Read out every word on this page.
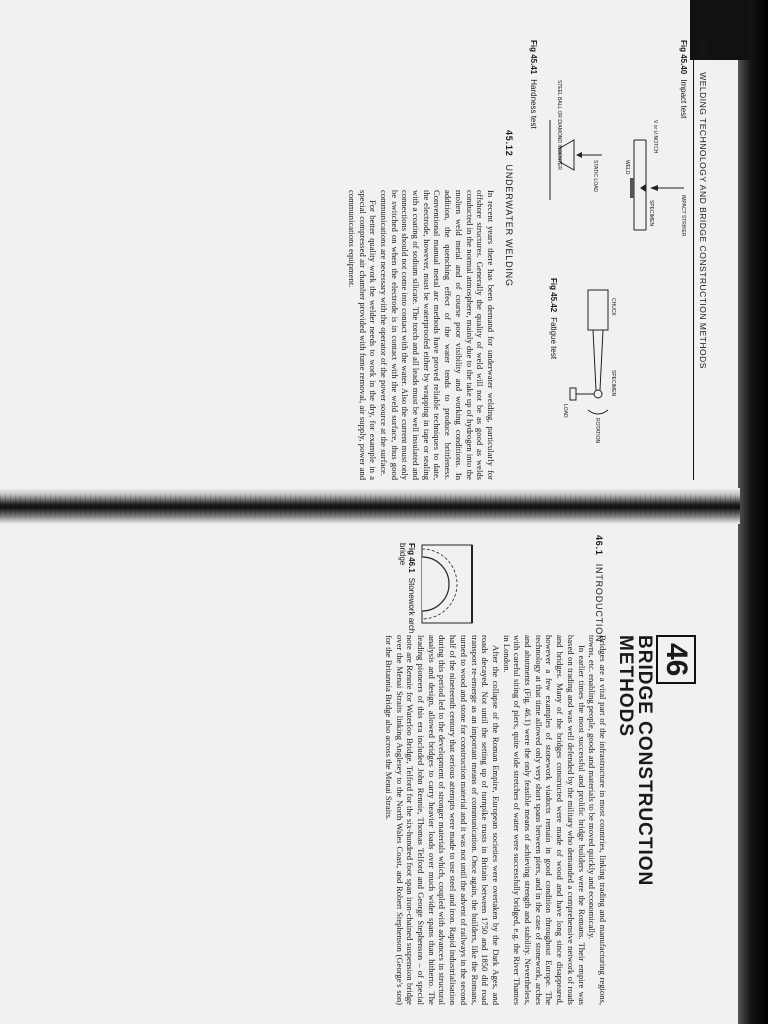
556
WELDING TECHNOLOGY AND BRIDGE CONSTRUCTION METHODS
Fig 45.40Impact test
SPECIMEN
V or U NOTCH
WELD
IMPACT STRIKER
CHUCK
SPECIMEN
ROTATION
LOAD
Fig 45.42Fatigue test
STATIC LOAD
STEEL BALL OR DIAMOND INDENTER
Fig 45.41Hardness test
45.12UNDERWATER WELDING

In recent years there has been demand for underwater welding, particularly for offshore structures. Generally the quality of weld will not be as good as welds conducted in the normal atmosphere, mainly due to the take up of hydrogen into the molten weld metal and of course poor visibility and working conditions. In addition, the quenching effect of the water tends to produce brittleness. Conventional manual metal arc methods have proved reliable techniques to date, the electrode, however, must be waterproofed either by wrapping in tape or sealing with a coating of sodium silicate. The torch and all leads must be well insulated and connections should not come into contact with the water. Also the current must only be switched on when the electrode is in contact with the weld surface, thus good communications are necessary with the operator of the power source at the surface.

For better quality work the welder needs to work in the dry, for example in a special compressed air chamber provided with fume removal, air supply, power and communications equipment.

46
BRIDGE CONSTRUCTION
METHODS
46.1INTRODUCTION

Bridges are a vital part of the infrastructure in most countries, linking trading and manufacturing regions, towns, etc. enabling people, goods and materials to be moved quickly and economically.

In earlier times the most successful and prolific bridge builders were the Romans. Their empire was based on trading and was well defended by the military who demanded a comprehensive network of roads and bridges. Many of the bridges constructed were made of wood and have long since disappeared, however a few examples of stonework viaducts remain in good condition throughout Europe. The technology at that time allowed only very short spans between piers, and in the case of stonework, arches and abutments (Fig. 46.1) were the only feasible means of achieving strength and stability. Nevertheless, with careful siting of piers, quite wide stretches of water were successfully bridged, e.g. the River Thames in London.

After the collapse of the Roman Empire, European societies were overtaken by the Dark Ages, and roads decayed. Not until the setting up of turnpike trusts in Britain between 1750 and 1850 did road transport re-emerge as an important means of communication. Once again, the builders, like the Romans, turned to wood and stone for construction material and it was not until the advent of railways in the second half of the nineteenth century that serious attempts were made to use steel and iron. Rapid industrialisation during this period led to the development of stronger materials which, coupled with advances in structural analysis and design, allowed bridges to carry heavier loads over much wider spans than hitherto. The leading pioneers of this era included John Rennie, Thomas Telford and George Stephenson – of special note are Rennie for Waterloo Bridge, Telford for the six-hundred foot span iron-chained suspension bridge over the Menai Straits linking Anglesey to the North Wales Coast, and Robert Stephenson (George's son) for the Britannia Bridge also across the Menai Straits.

Fig 46.1Stonework arch bridge
